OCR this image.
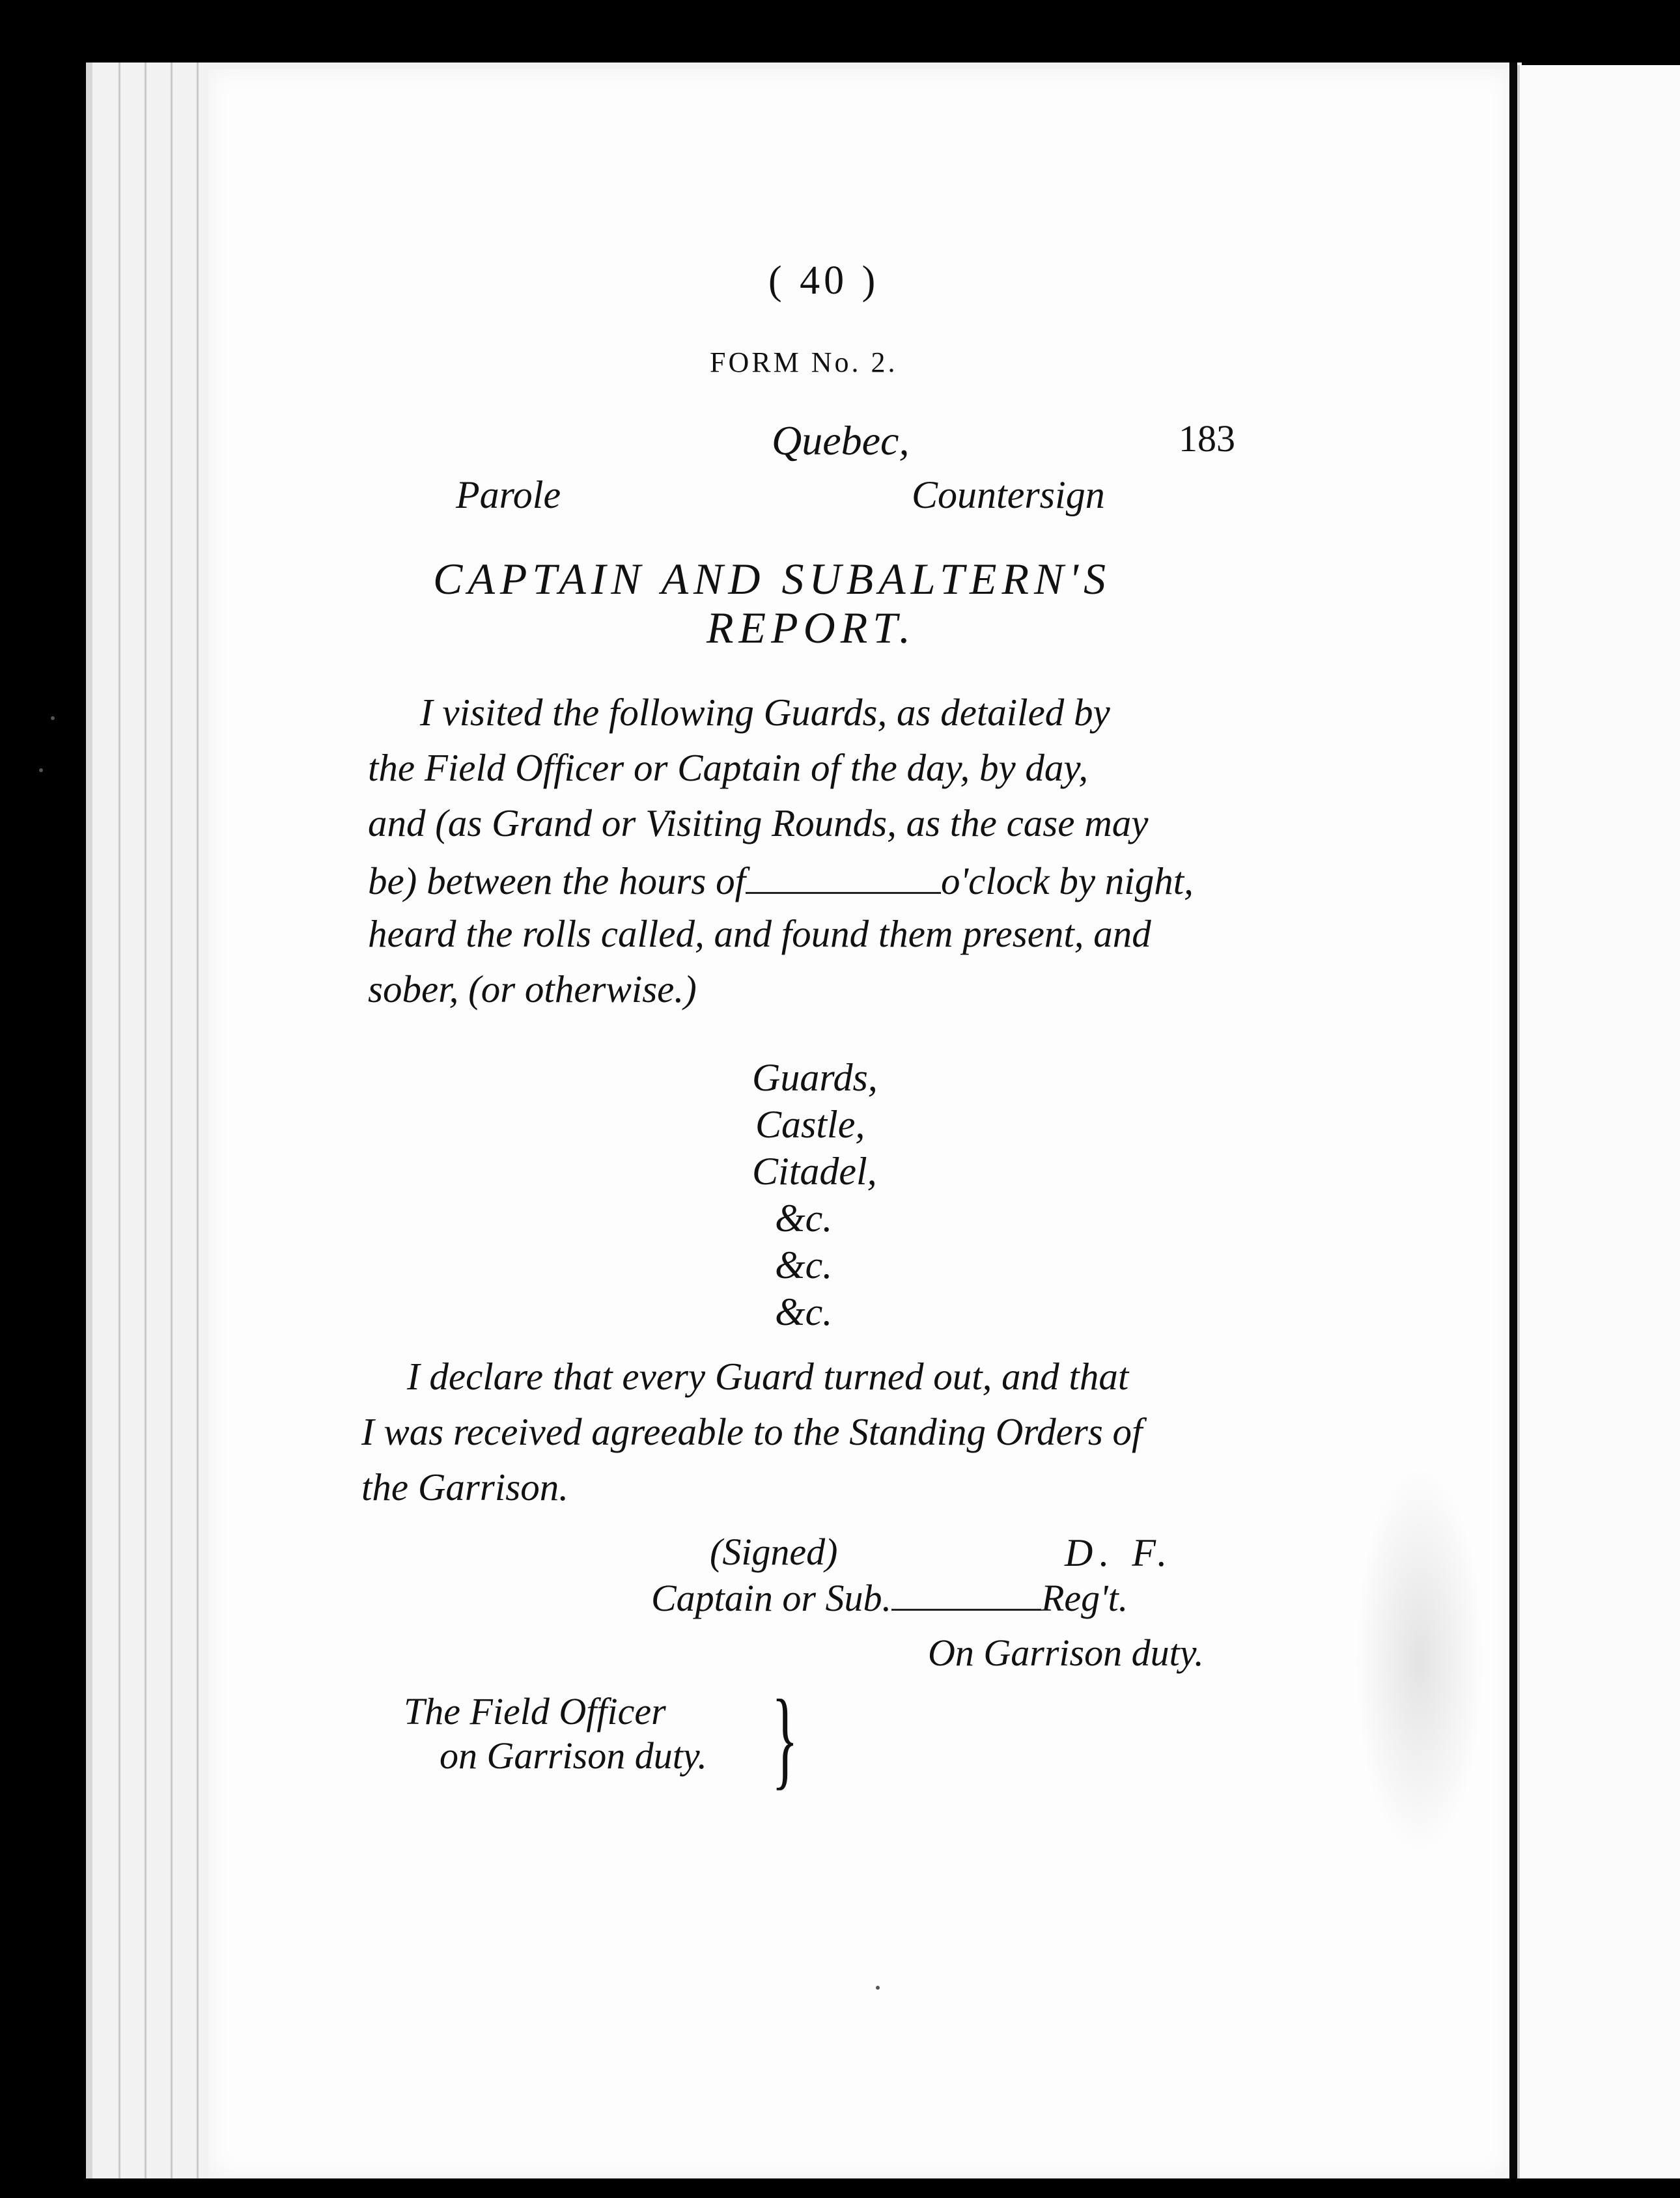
( 40 )
FORM No. 2.
Quebec,	183
Parole	Countersign
CAPTAIN AND SUBALTERN'S
REPORT.
I visited the following Guards, as detailed by
the Field Officer or Captain of the day, by day,
and (as Grand or Visiting Rounds, as the case may
be) between the hours of	o'clock by night,
heard the rolls called, and found them present, and
sober, (or otherwise.)
Guards,
Castle,
Citadel,
&c.
&c.
&c.
I declare that every Guard turned out, and that
I was received agreeable to the Standing Orders of
the Garrison.
(Signed)	D. F.
Captain or Sub.	Reg't.
On Garrison duty.
The Field Officer
on Garrison duty. }
